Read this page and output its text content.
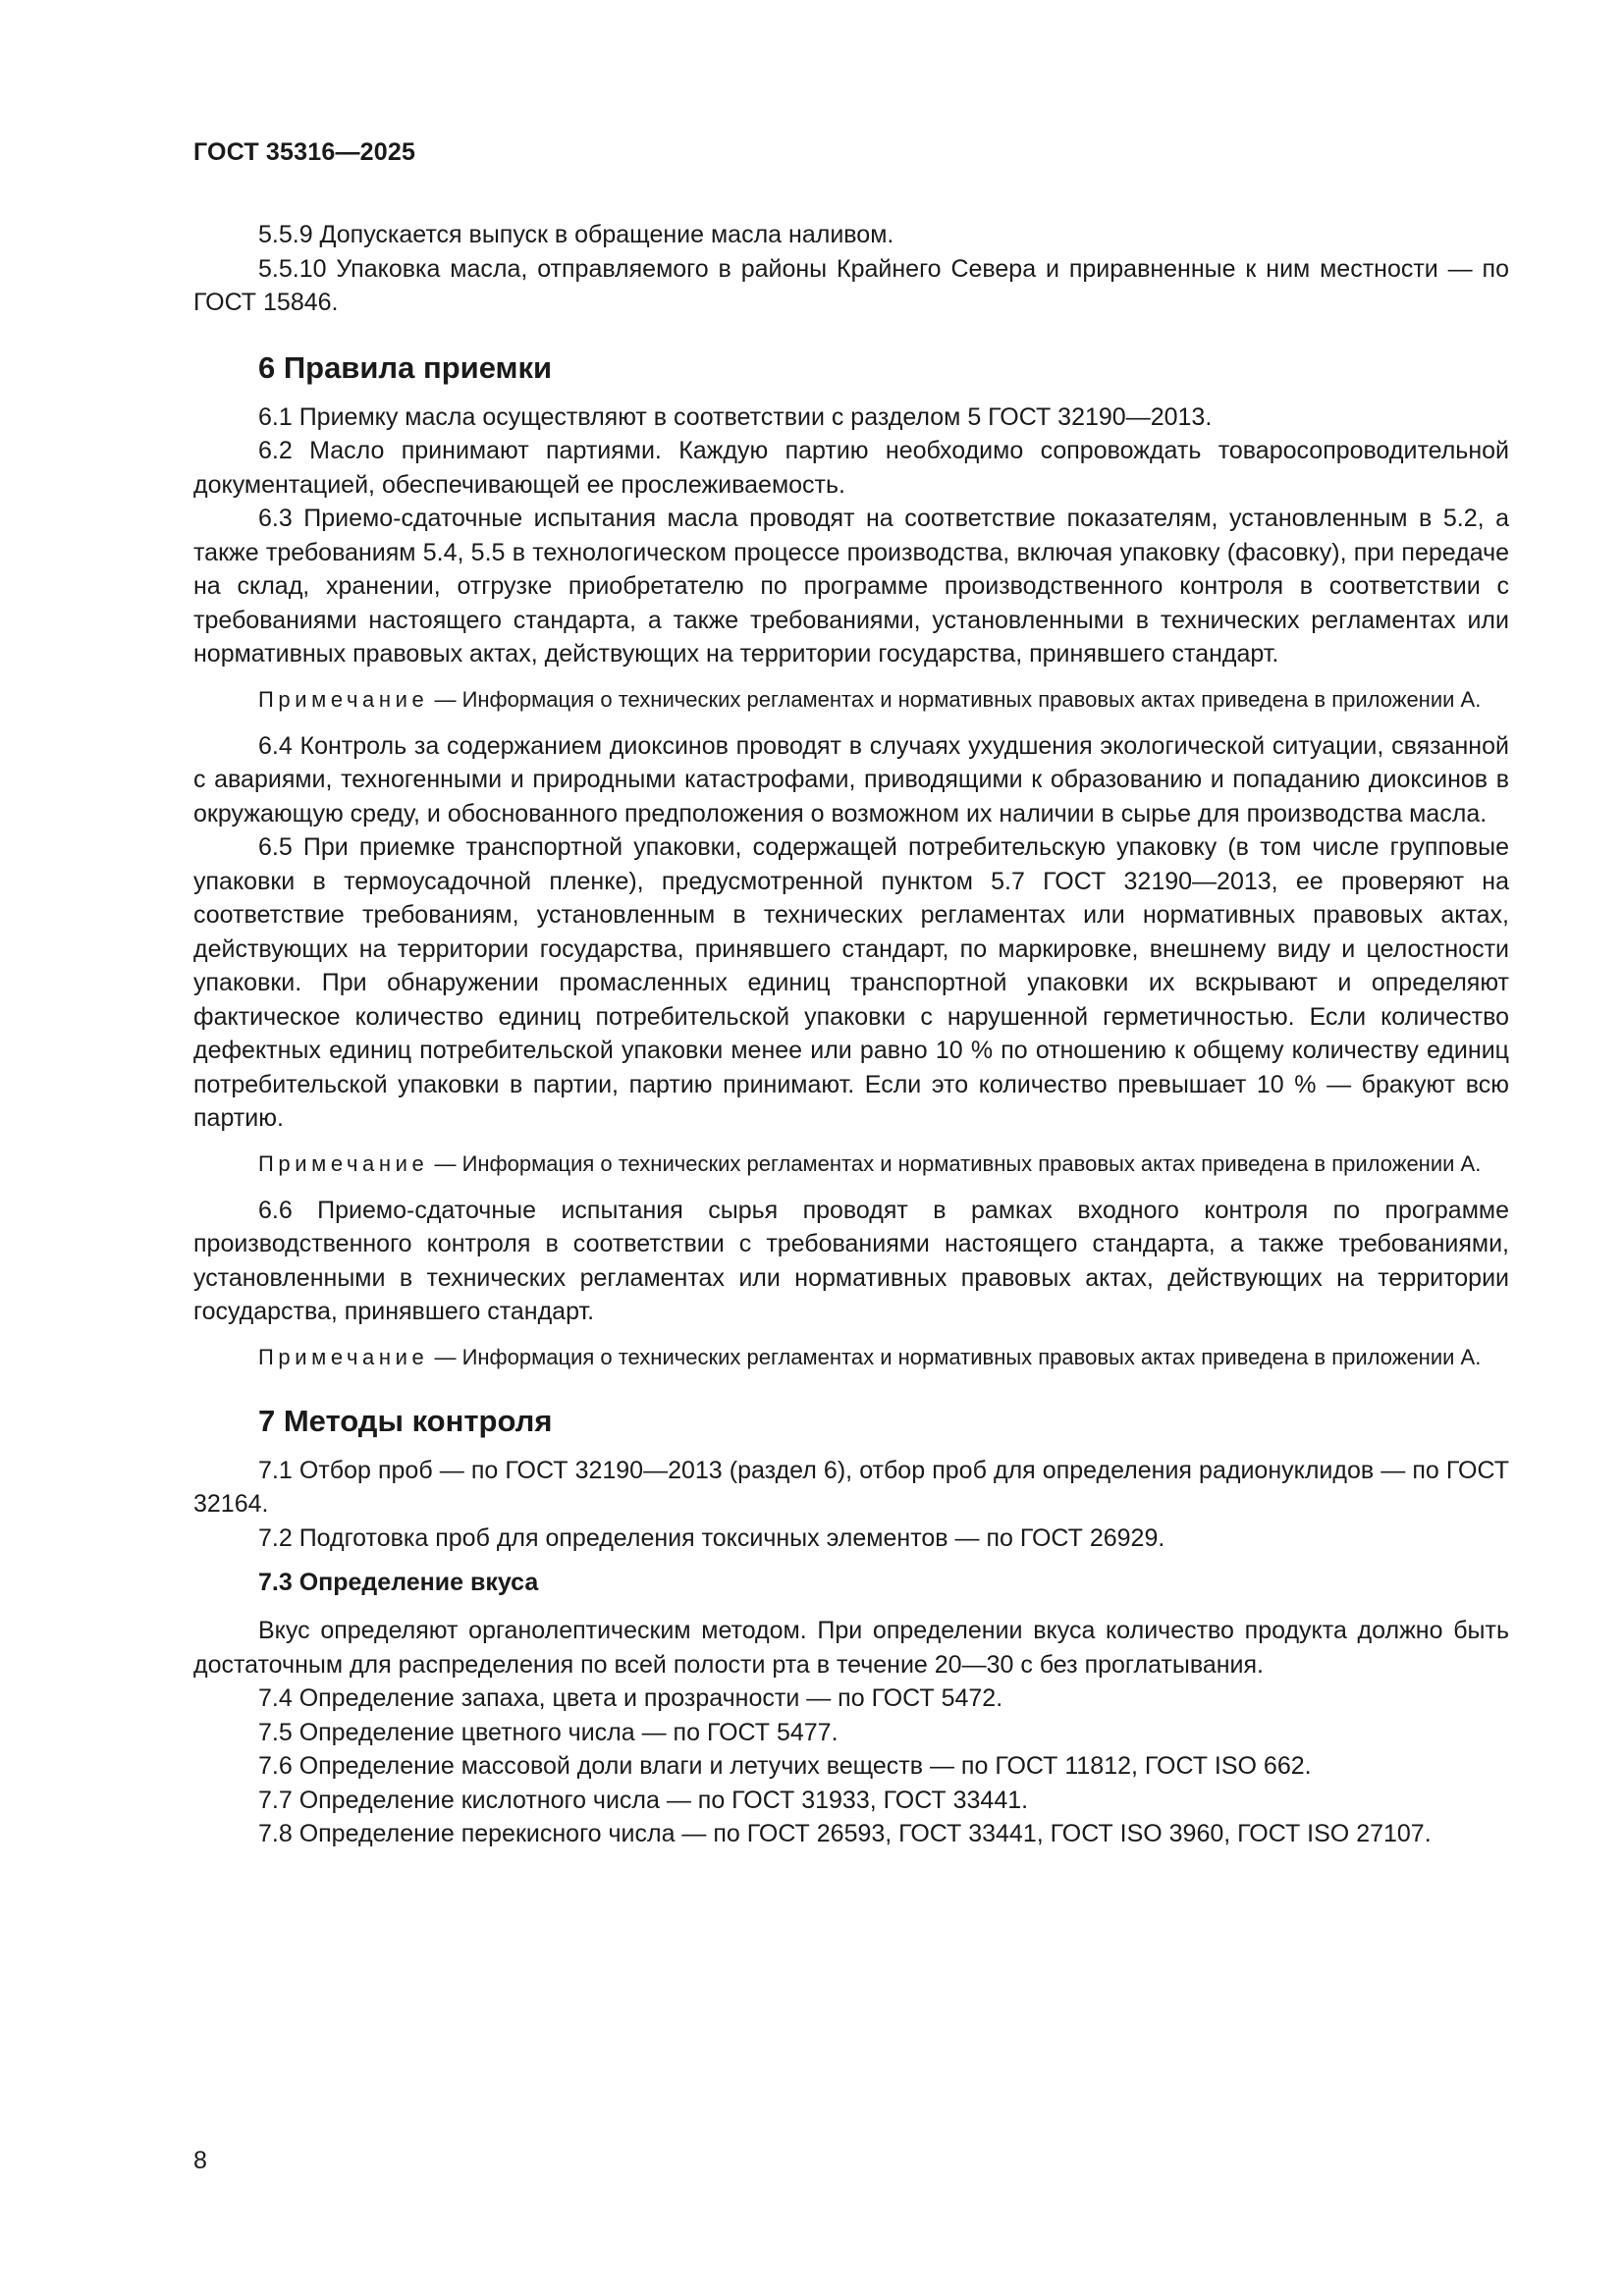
ГОСТ 35316—2025

5.5.9 Допускается выпуск в обращение масла наливом.

5.5.10 Упаковка масла, отправляемого в районы Крайнего Севера и приравненные к ним местности — по ГОСТ 15846.

6 Правила приемки

6.1 Приемку масла осуществляют в соответствии с разделом 5 ГОСТ 32190—2013.

6.2 Масло принимают партиями. Каждую партию необходимо сопровождать товаросопроводительной документацией, обеспечивающей ее прослеживаемость.

6.3 Приемо-сдаточные испытания масла проводят на соответствие показателям, установленным в 5.2, а также требованиям 5.4, 5.5 в технологическом процессе производства, включая упаковку (фасовку), при передаче на склад, хранении, отгрузке приобретателю по программе производственного контроля в соответствии с требованиями настоящего стандарта, а также требованиями, установленными в технических регламентах или нормативных правовых актах, действующих на территории государства, принявшего стандарт.

Примечание — Информация о технических регламентах и нормативных правовых актах приведена в приложении А.

6.4 Контроль за содержанием диоксинов проводят в случаях ухудшения экологической ситуации, связанной с авариями, техногенными и природными катастрофами, приводящими к образованию и попаданию диоксинов в окружающую среду, и обоснованного предположения о возможном их наличии в сырье для производства масла.

6.5 При приемке транспортной упаковки, содержащей потребительскую упаковку (в том числе групповые упаковки в термоусадочной пленке), предусмотренной пунктом 5.7 ГОСТ 32190—2013, ее проверяют на соответствие требованиям, установленным в технических регламентах или нормативных правовых актах, действующих на территории государства, принявшего стандарт, по маркировке, внешнему виду и целостности упаковки. При обнаружении промасленных единиц транспортной упаковки их вскрывают и определяют фактическое количество единиц потребительской упаковки с нарушенной герметичностью. Если количество дефектных единиц потребительской упаковки менее или равно 10 % по отношению к общему количеству единиц потребительской упаковки в партии, партию принимают. Если это количество превышает 10 % — бракуют всю партию.

Примечание — Информация о технических регламентах и нормативных правовых актах приведена в приложении А.

6.6 Приемо-сдаточные испытания сырья проводят в рамках входного контроля по программе производственного контроля в соответствии с требованиями настоящего стандарта, а также требованиями, установленными в технических регламентах или нормативных правовых актах, действующих на территории государства, принявшего стандарт.

Примечание — Информация о технических регламентах и нормативных правовых актах приведена в приложении А.
7 Методы контроля

7.1 Отбор проб — по ГОСТ 32190—2013 (раздел 6), отбор проб для определения радионуклидов — по ГОСТ 32164.

7.2 Подготовка проб для определения токсичных элементов — по ГОСТ 26929.

7.3 Определение вкуса

Вкус определяют органолептическим методом. При определении вкуса количество продукта должно быть достаточным для распределения по всей полости рта в течение 20—30 с без проглатывания.

7.4 Определение запаха, цвета и прозрачности — по ГОСТ 5472.

7.5 Определение цветного числа — по ГОСТ 5477.

7.6 Определение массовой доли влаги и летучих веществ — по ГОСТ 11812, ГОСТ ISO 662.

7.7 Определение кислотного числа — по ГОСТ 31933, ГОСТ 33441.

7.8 Определение перекисного числа — по ГОСТ 26593, ГОСТ 33441, ГОСТ ISO 3960, ГОСТ ISO 27107.

8
